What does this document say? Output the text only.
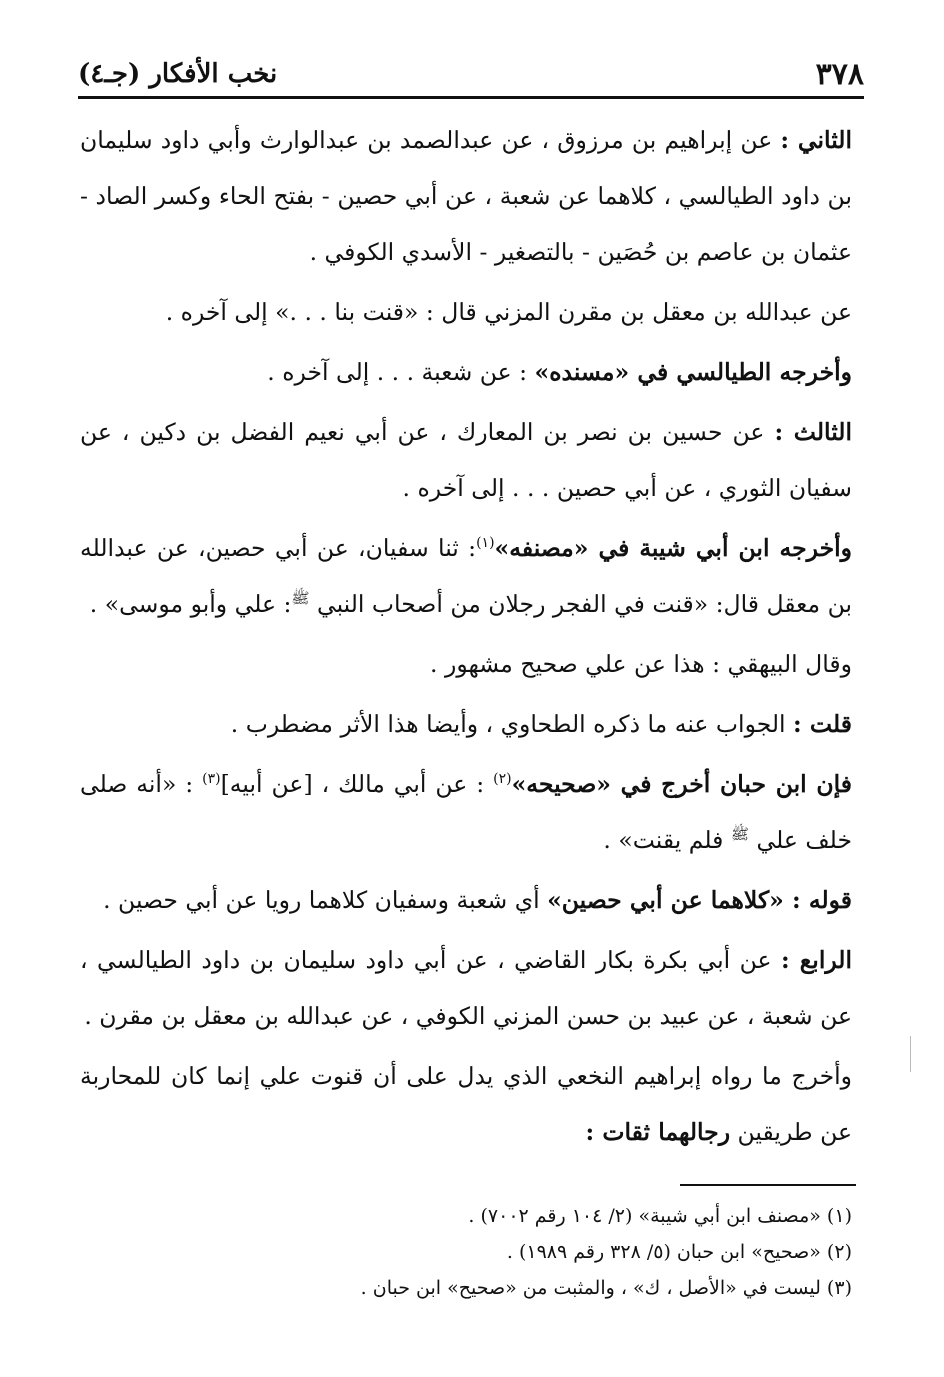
٣٧٨
نخب الأفكار (جـ٤)

الثاني : عن إبراهيم بن مرزوق ، عن عبدالصمد بن عبدالوارث وأبي داود سليمان بن داود الطيالسي ، كلاهما عن شعبة ، عن أبي حصين - بفتح الحاء وكسر الصاد - عثمان بن عاصم بن حُصَين - بالتصغير - الأسدي الكوفي .

عن عبدالله بن معقل بن مقرن المزني قال : «قنت بنا . . .» إلى آخره .

وأخرجه الطيالسي في «مسنده» : عن شعبة . . . إلى آخره .

الثالث : عن حسين بن نصر بن المعارك ، عن أبي نعيم الفضل بن دكين ، عن سفيان الثوري ، عن أبي حصين . . . إلى آخره .

وأخرجه ابن أبي شيبة في «مصنفه»$^{(١)}$: ثنا سفيان، عن أبي حصين، عن عبدالله بن معقل قال: «قنت في الفجر رجلان من أصحاب النبي $^ﷺ$: علي وأبو موسى» .

وقال البيهقي : هذا عن علي صحيح مشهور .

قلت : الجواب عنه ما ذكره الطحاوي ، وأيضا هذا الأثر مضطرب .

فإن ابن حبان أخرج في «صحيحه»$^{(٢)}$ : عن أبي مالك ، [عن أبيه]$^{(٣)}$ : «أنه صلى خلف علي $^ﷺ$ فلم يقنت» .

قوله : «كلاهما عن أبي حصين» أي شعبة وسفيان كلاهما رويا عن أبي حصين .

الرابع : عن أبي بكرة بكار القاضي ، عن أبي داود سليمان بن داود الطيالسي ، عن شعبة ، عن عبيد بن حسن المزني الكوفي ، عن عبدالله بن معقل بن مقرن .

وأخرج ما رواه إبراهيم النخعي الذي يدل على أن قنوت علي إنما كان للمحاربة عن طريقين رجالهما ثقات :

(١) «مصنف ابن أبي شيبة» (٢/ ١٠٤ رقم ٧٠٠٢) .

(٢) «صحيح» ابن حبان (٥/ ٣٢٨ رقم ١٩٨٩) .

(٣) ليست في «الأصل ، ك» ، والمثبت من «صحيح» ابن حبان .
